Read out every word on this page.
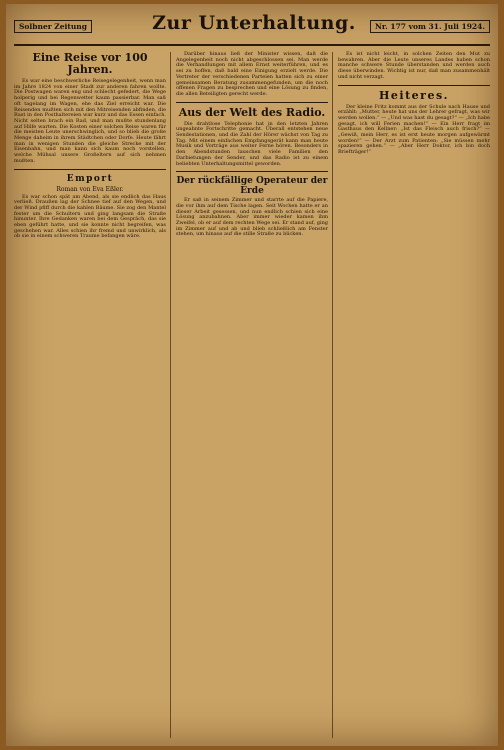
Solbner Zeitung	Zur Unterhaltung.	Nr. 177 vom 31. Juli 1924.
Eine Reise vor 100 Jahren.

Es war eine beschwerliche Reisegelegenheit, wenn man im Jahre 1824 von einer Stadt zur anderen fahren wollte. Die Postwagen waren eng und schlecht gefedert, die Wege holperig und bei Regenwetter kaum passierbar. Man saß oft tagelang im Wagen, ehe das Ziel erreicht war. Die Reisenden mußten sich mit den Mitreisenden abfinden, die Rast in den Posthaltereien war kurz und das Essen einfach. Nicht selten brach ein Rad, und man mußte stundenlang auf Hilfe warten. Die Kosten einer solchen Reise waren für die meisten Leute unerschwinglich, und so blieb die große Menge daheim in ihrem Städtchen oder Dorfe. Heute fährt man in wenigen Stunden die gleiche Strecke mit der Eisenbahn, und man kann sich kaum noch vorstellen, welche Mühsal unsere Großeltern auf sich nehmen mußten.

Emport
Roman von Eva Eßler.

Es war schon spät am Abend, als sie endlich das Haus verließ. Draußen lag der Schnee tief auf den Wegen, und der Wind pfiff durch die kahlen Bäume. Sie zog den Mantel fester um die Schultern und ging langsam die Straße hinunter. Ihre Gedanken waren bei dem Gespräch, das sie eben geführt hatte, und sie konnte nicht begreifen, was geschehen war. Alles schien ihr fremd und unwirklich, als ob sie in einem schweren Traume befangen wäre.

Darüber hinaus ließ der Minister wissen, daß die Angelegenheit noch nicht abgeschlossen sei. Man werde die Verhandlungen mit allem Ernst weiterführen, und es sei zu hoffen, daß bald eine Einigung erzielt werde. Die Vertreter der verschiedenen Parteien hatten sich zu einer gemeinsamen Beratung zusammengefunden, um die noch offenen Fragen zu besprechen und eine Lösung zu finden, die allen Beteiligten gerecht werde.

Aus der Welt des Radio.

Die drahtlose Telephonie hat in den letzten Jahren ungeahnte Fortschritte gemacht. Überall entstehen neue Sendestationen, und die Zahl der Hörer wächst von Tag zu Tag. Mit einem einfachen Empfangsgerät kann man heute Musik und Vorträge aus weiter Ferne hören. Besonders in den Abendstunden lauschen viele Familien den Darbietungen der Sender, und das Radio ist zu einem beliebten Unterhaltungsmittel geworden.

Der rückfällige Operateur der Erde

Er saß in seinem Zimmer und starrte auf die Papiere, die vor ihm auf dem Tische lagen. Seit Wochen hatte er an dieser Arbeit gesessen, und nun endlich schien sich eine Lösung anzubahnen. Aber immer wieder kamen ihm Zweifel, ob er auf dem rechten Wege sei. Er stand auf, ging im Zimmer auf und ab und blieb schließlich am Fenster stehen, um hinaus auf die stille Straße zu blicken.

Es ist nicht leicht, in solchen Zeiten den Mut zu bewahren. Aber die Leute unseres Landes haben schon manche schwere Stunde überstanden und werden auch diese überwinden. Wichtig ist nur, daß man zusammenhält und nicht verzagt.

Heiteres.

Der kleine Fritz kommt aus der Schule nach Hause und erzählt: „Mutter, heute hat uns der Lehrer gefragt, was wir werden wollen.“ — „Und was hast du gesagt?“ — „Ich habe gesagt, ich will Ferien machen!“ — Ein Herr fragt im Gasthaus den Kellner: „Ist das Fleisch auch frisch?“ — „Gewiß, mein Herr, es ist erst heute morgen aufgewärmt worden!“ — Der Arzt zum Patienten: „Sie müssen mehr spazieren gehen.“ — „Aber Herr Doktor, ich bin doch Briefträger!“
